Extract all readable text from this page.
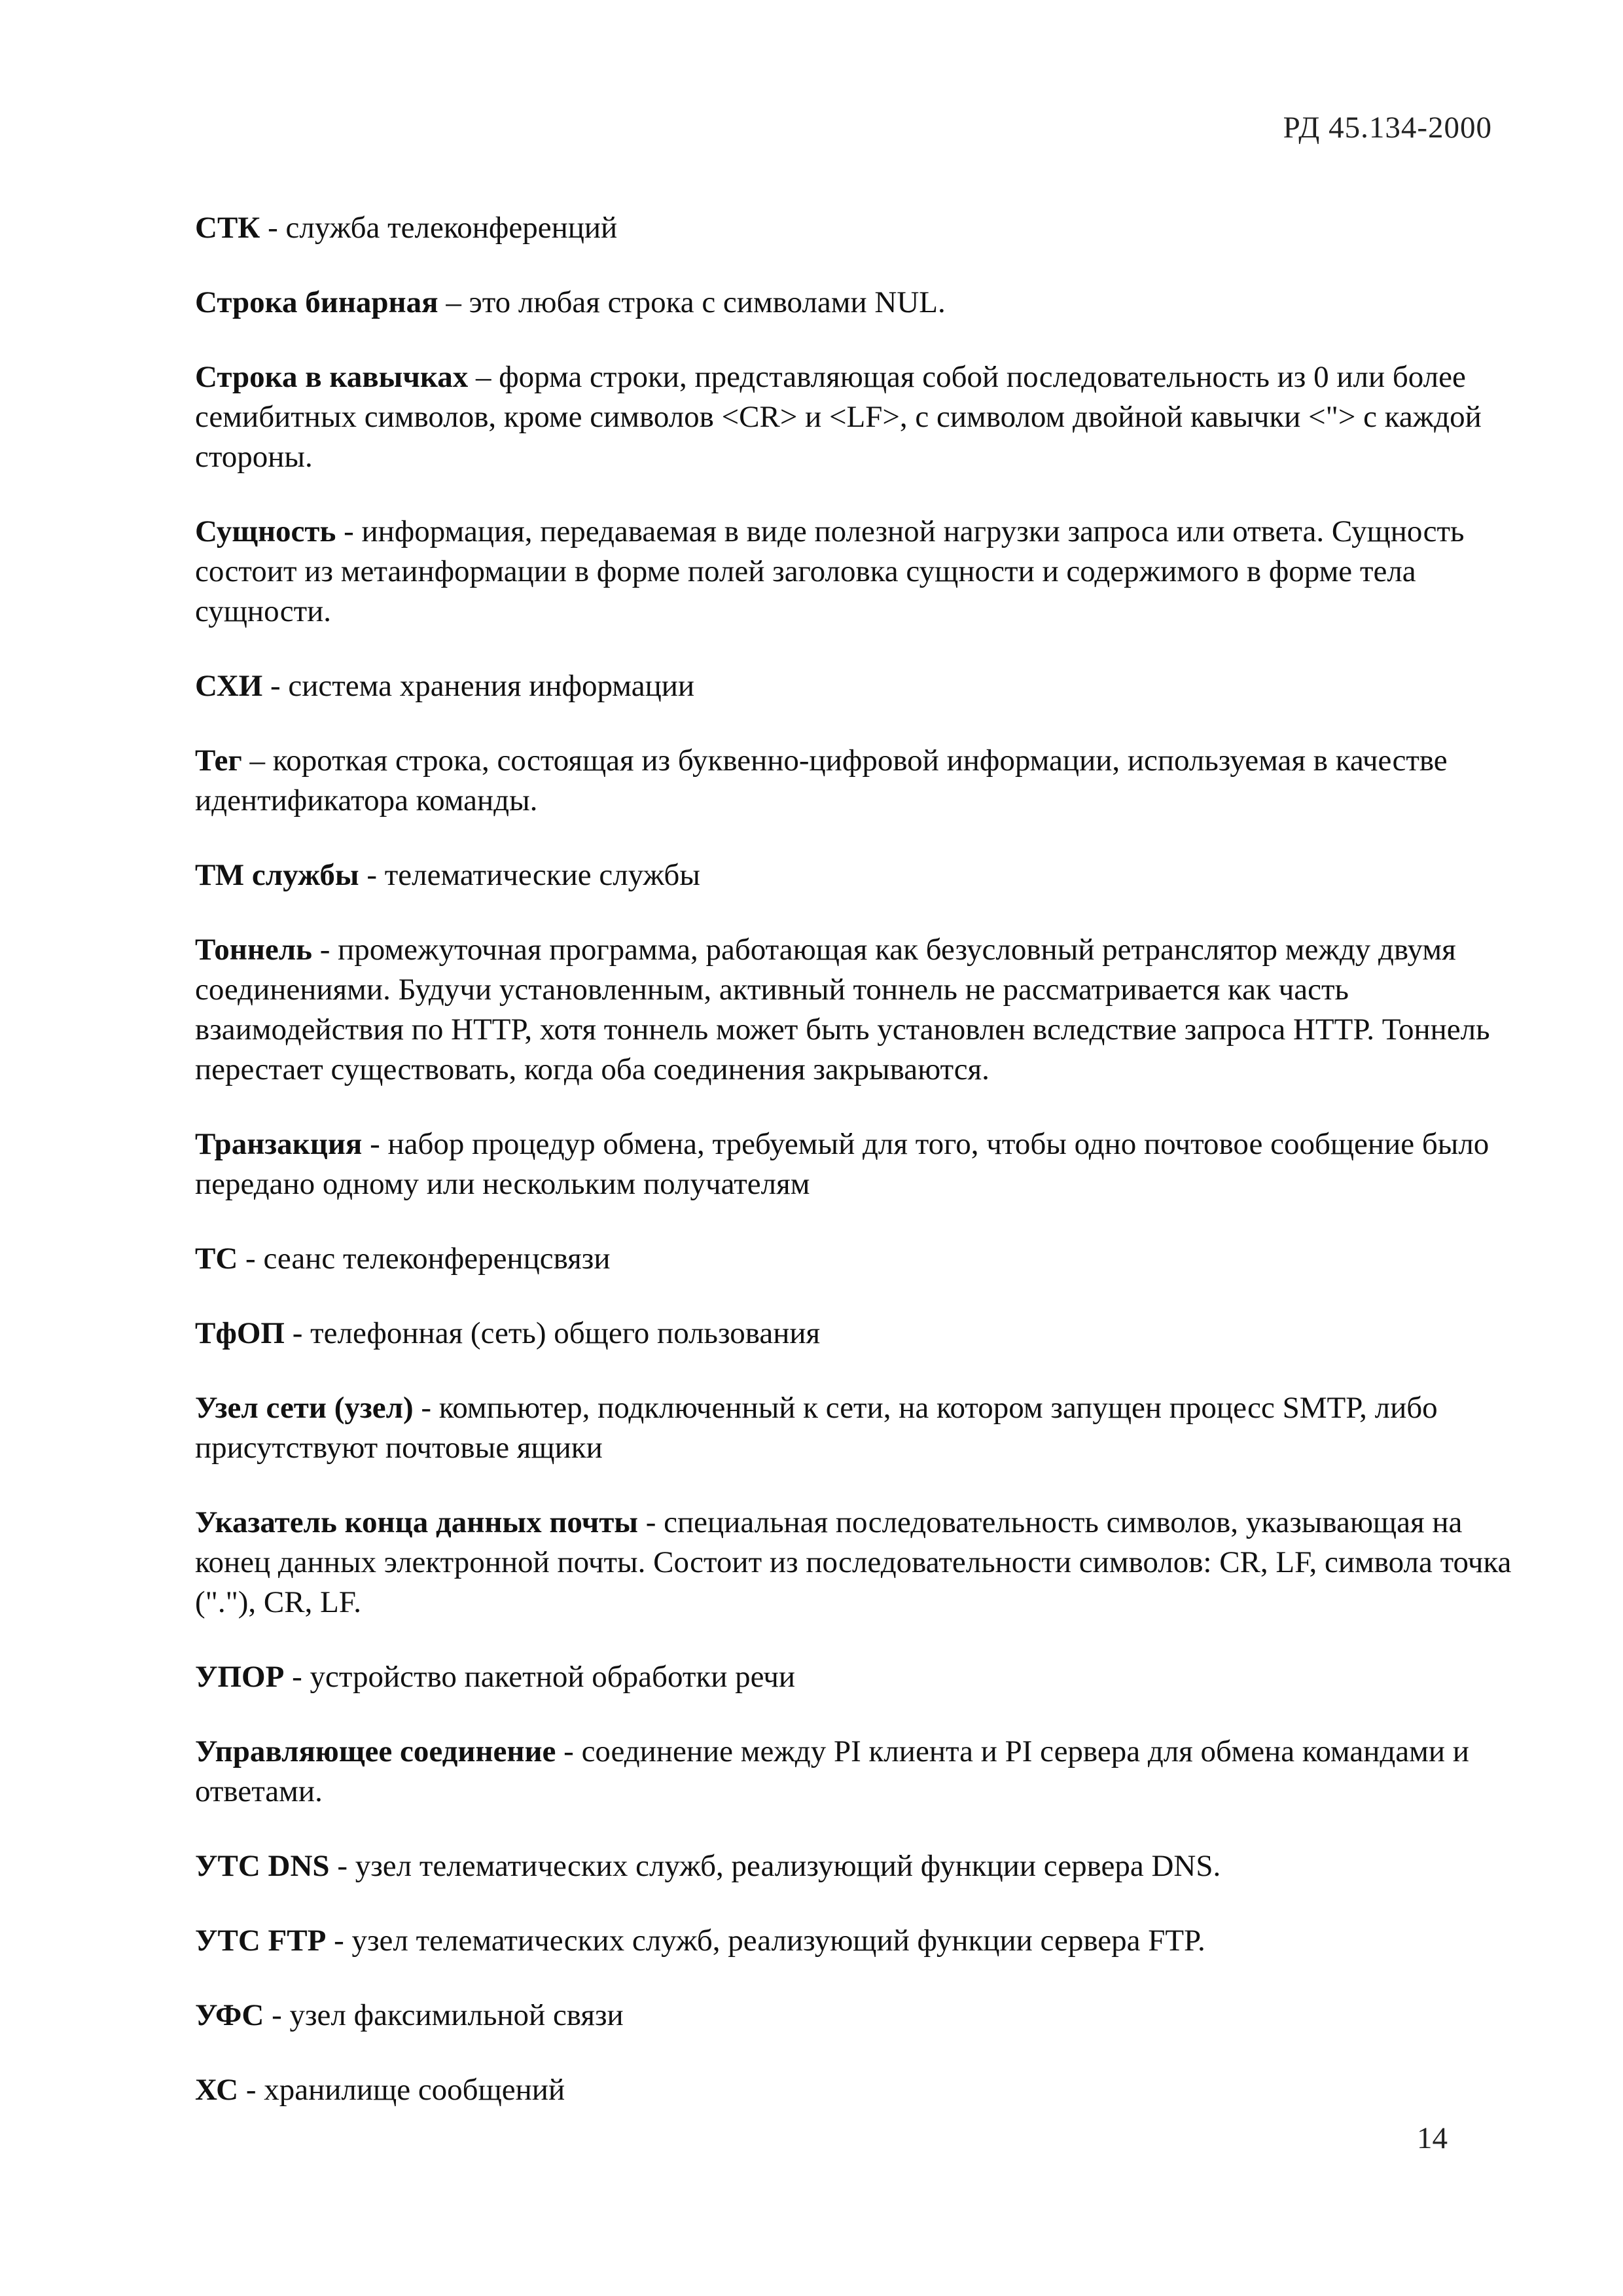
РД 45.134-2000

СТК - служба телеконференций

Строка бинарная – это любая строка с символами NUL.

Строка в кавычках – форма строки, представляющая собой последовательность из 0 или более семибитных символов, кроме символов <CR> и <LF>, с символом двойной кавычки <"> с каждой стороны.

Сущность - информация, передаваемая в виде полезной нагрузки запроса или ответа. Сущность состоит из метаинформации в форме полей заголовка сущности и содержимого в форме тела сущности.

СХИ - система хранения информации

Тег – короткая строка, состоящая из буквенно-цифровой информации, используемая в качестве идентификатора команды.

ТМ службы - телематические службы

Тоннель - промежуточная программа, работающая как безусловный ретранслятор между двумя соединениями. Будучи установленным, активный тоннель не рассматривается как часть взаимодействия по HTTP, хотя тоннель может быть установлен вследствие запроса HTTP. Тоннель перестает существовать, когда оба соединения закрываются.

Транзакция - набор процедур обмена, требуемый для того, чтобы одно почтовое сообщение было передано одному или нескольким получателям

ТС - сеанс телеконференцсвязи

ТфОП - телефонная (сеть) общего пользования

Узел сети (узел) - компьютер, подключенный к сети, на котором запущен процесс SMTP, либо присутствуют почтовые ящики

Указатель конца данных почты - специальная последовательность символов, указывающая на конец данных электронной почты. Состоит из последовательности символов: CR, LF, символа точка ("."), CR, LF.

УПОР - устройство пакетной обработки речи

Управляющее соединение - соединение между PI клиента и PI сервера для обмена командами и ответами.

УТС DNS - узел телематических служб, реализующий функции сервера DNS.

УТС FTP - узел телематических служб, реализующий функции сервера FTP.

УФС - узел факсимильной связи

ХС - хранилище сообщений

14
